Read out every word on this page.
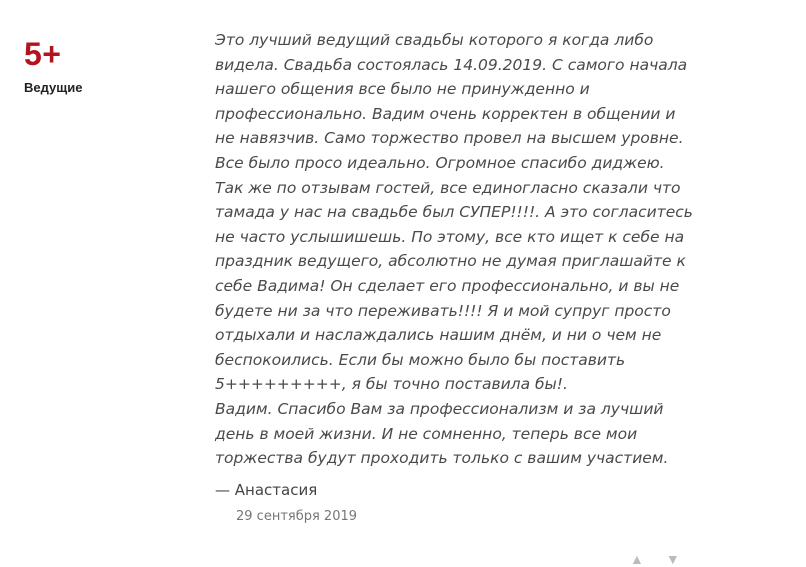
5+
Ведущие

Это лучший ведущий свадьбы которого я когда либо
видела. Свадьба состоялась 14.09.2019. С самого начала
нашего общения все было не принужденно и
профессионально. Вадим очень корректен в общении и
не навязчив. Само торжество провел на высшем уровне.
Все было просо идеально. Огромное спасибо диджею.
Так же по отзывам гостей, все единогласно сказали что
тамада у нас на свадьбе был СУПЕР!!!!. А это согласитесь
не часто услышишешь. По этому, все кто ищет к себе на
праздник ведущего, абсолютно не думая приглашайте к
себе Вадима! Он сделает его профессионально, и вы не
будете ни за что переживать!!!! Я и мой супруг просто
отдыхали и наслаждались нашим днём, и ни о чем не
беспокоились. Если бы можно было бы поставить
5+++++++++, я бы точно поставила бы!.
Вадим. Спасибо Вам за профессионализм и за лучший
день в моей жизни. И не сомненно, теперь все мои
торжества будут проходить только с вашим участием.

— Анастасия
29 сентября 2019
▲ ▼
